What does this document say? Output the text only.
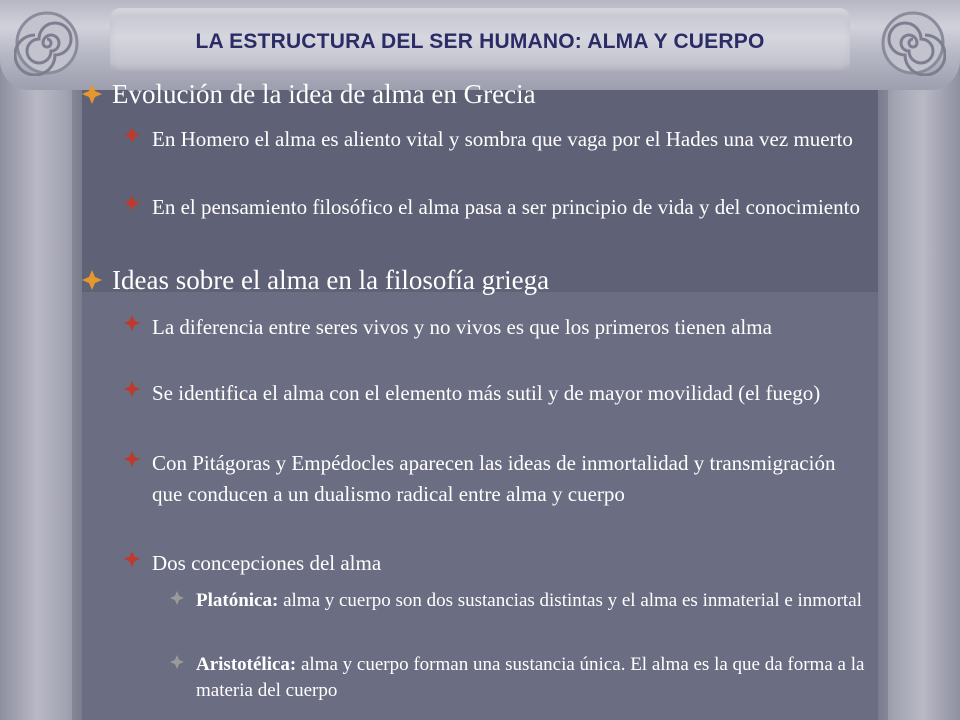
LA ESTRUCTURA DEL SER HUMANO: ALMA Y CUERPO
Evolución de la idea de alma en Grecia
En Homero el alma es aliento vital y sombra que vaga por el Hades una vez muerto
En el pensamiento filosófico el alma pasa a ser principio de vida y del conocimiento
Ideas sobre el alma en la filosofía griega
La diferencia entre seres vivos y no vivos es que los primeros tienen alma
Se identifica el alma con el elemento más sutil y de mayor movilidad (el fuego)
Con Pitágoras y Empédocles aparecen las ideas de inmortalidad y transmigración que conducen a un dualismo radical entre alma y cuerpo
Dos concepciones del alma
Platónica: alma y cuerpo son dos sustancias distintas y el alma es inmaterial e inmortal
Aristotélica: alma y cuerpo forman una sustancia única. El alma es la que da forma a la materia del cuerpo
